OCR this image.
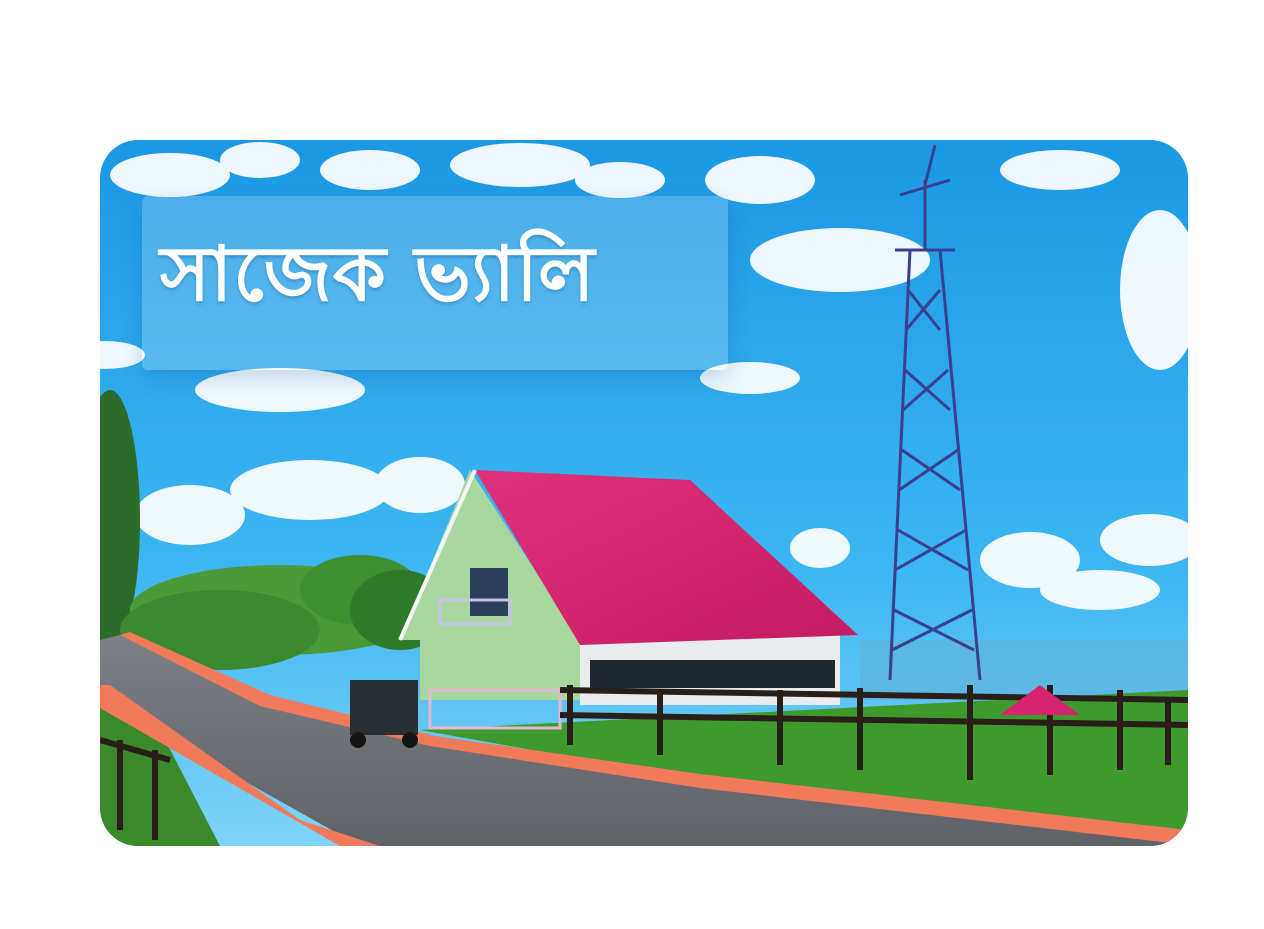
সাজেক ভ্যালি
